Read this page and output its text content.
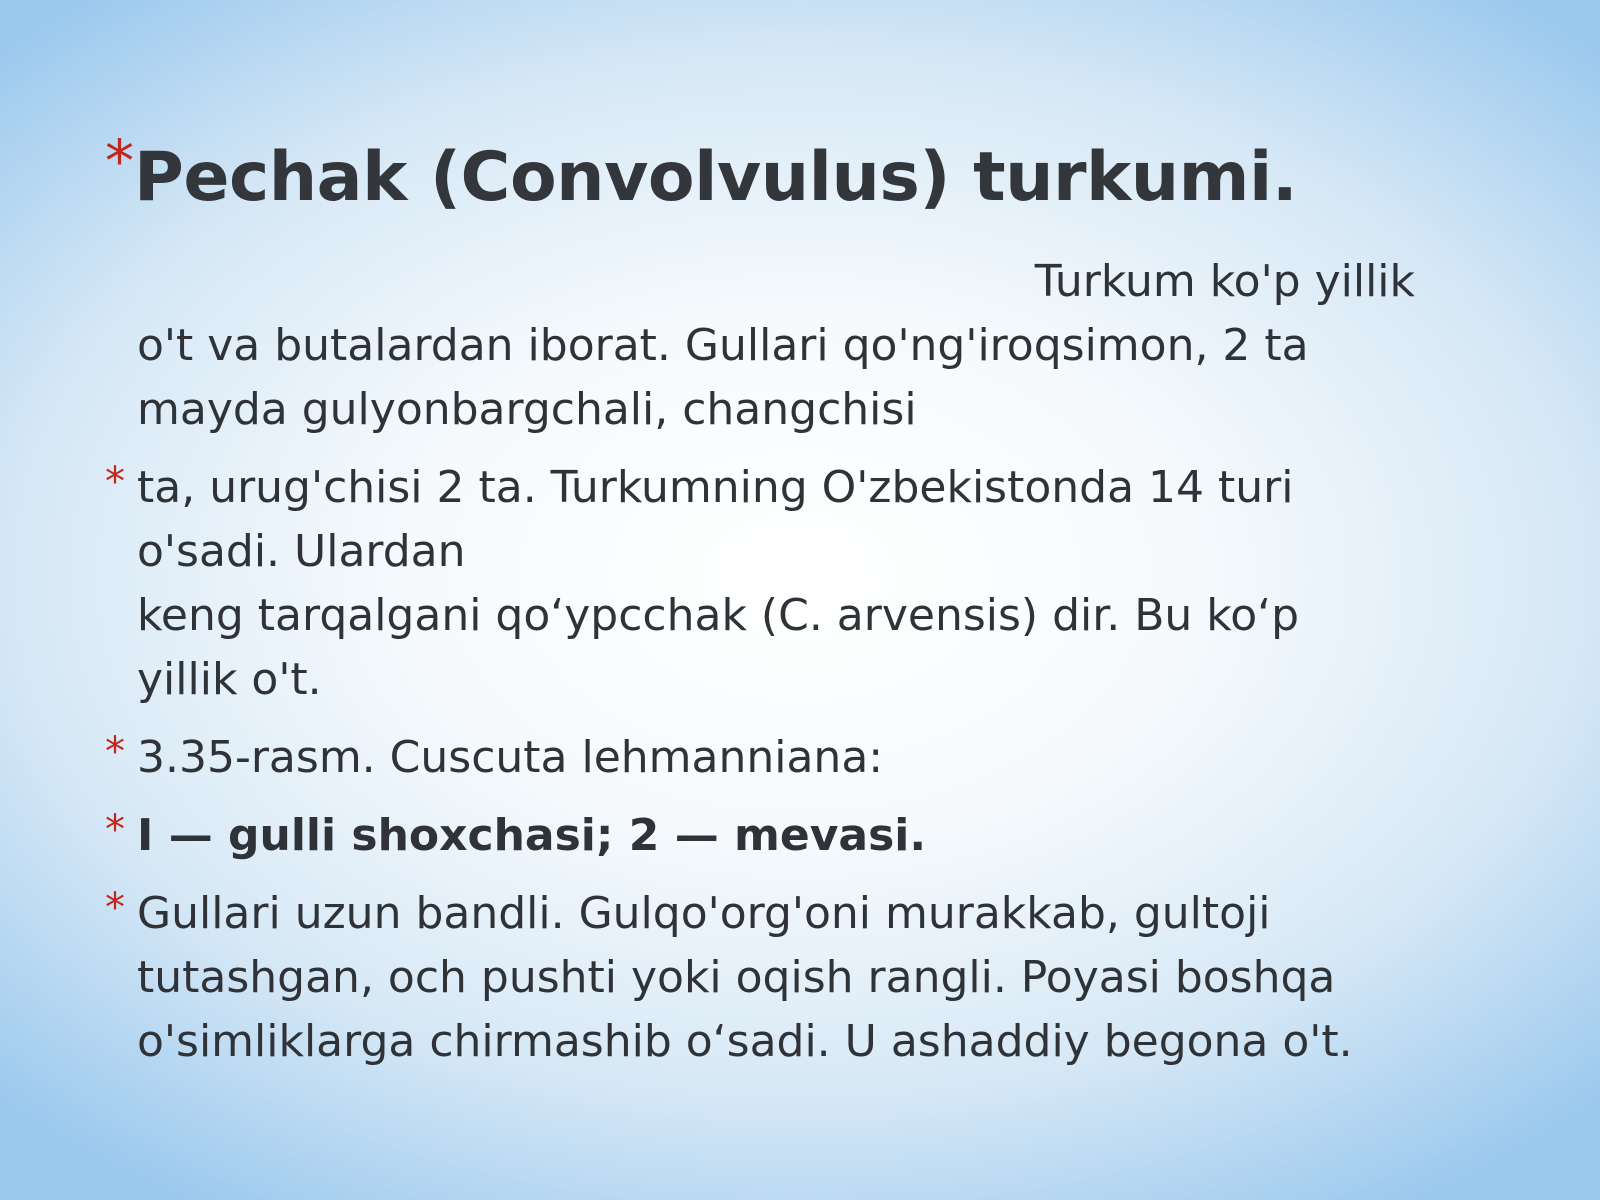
* Pechak (Convolvulus) turkumi.
Turkum ko'p yillik
o't va butalardan iborat. Gullari qo'ng'iroqsimon, 2 ta
mayda gulyonbargchali, changchisi
* ta, urug'chisi 2 ta. Turkumning O'zbekistonda 14 turi
o'sadi. Ulardan
keng tarqalgani qo‘ypcchak (C. arvensis) dir. Bu ko‘p
yillik o't.
* 3.35-rasm. Cuscuta lehmanniana:
* I — gulli shoxchasi; 2 — mevasi.
* Gullari uzun bandli. Gulqo'org'oni murakkab, gultoji
tutashgan, och pushti yoki oqish rangli. Poyasi boshqa
o'simliklarga chirmashib o‘sadi. U ashaddiy begona o't.
